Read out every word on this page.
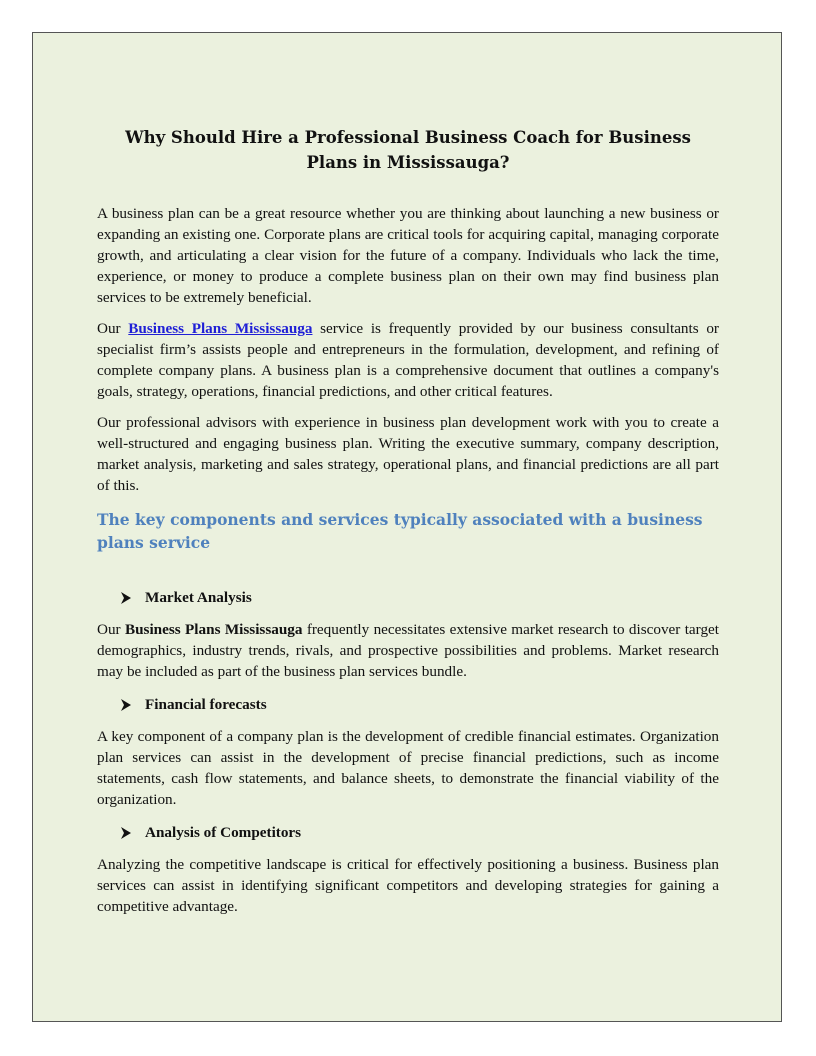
Why Should Hire a Professional Business Coach for Business Plans in Mississauga?

A business plan can be a great resource whether you are thinking about launching a new business or expanding an existing one. Corporate plans are critical tools for acquiring capital, managing corporate growth, and articulating a clear vision for the future of a company. Individuals who lack the time, experience, or money to produce a complete business plan on their own may find business plan services to be extremely beneficial.

Our Business Plans Mississauga service is frequently provided by our business consultants or specialist firm’s assists people and entrepreneurs in the formulation, development, and refining of complete company plans. A business plan is a comprehensive document that outlines a company's goals, strategy, operations, financial predictions, and other critical features.

Our professional advisors with experience in business plan development work with you to create a well-structured and engaging business plan. Writing the executive summary, company description, market analysis, marketing and sales strategy, operational plans, and financial predictions are all part of this.

The key components and services typically associated with a business plans service
Market Analysis

Our Business Plans Mississauga frequently necessitates extensive market research to discover target demographics, industry trends, rivals, and prospective possibilities and problems. Market research may be included as part of the business plan services bundle.

Financial forecasts

A key component of a company plan is the development of credible financial estimates. Organization plan services can assist in the development of precise financial predictions, such as income statements, cash flow statements, and balance sheets, to demonstrate the financial viability of the organization.

Analysis of Competitors

Analyzing the competitive landscape is critical for effectively positioning a business. Business plan services can assist in identifying significant competitors and developing strategies for gaining a competitive advantage.
